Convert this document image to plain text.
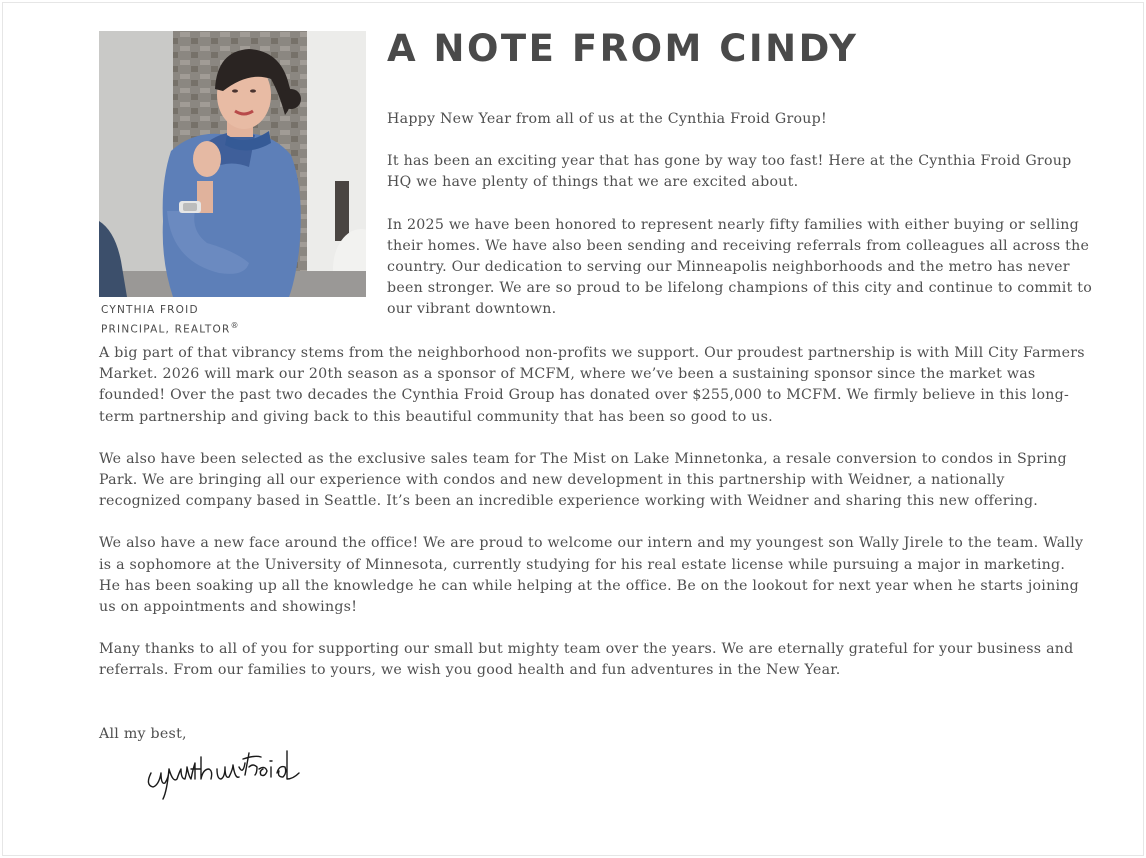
CYNTHIA FROID
PRINCIPAL, REALTOR®
A NOTE FROM CINDY

Happy New Year from all of us at the Cynthia Froid Group!

It has been an exciting year that has gone by way too fast! Here at the Cynthia Froid Group HQ we have plenty of things that we are excited about.

In 2025 we have been honored to represent nearly fifty families with either buying or selling their homes. We have also been sending and receiving referrals from colleagues all across the country. Our dedication to serving our Minneapolis neighborhoods and the metro has never been stronger. We are so proud to be lifelong champions of this city and continue to commit to our vibrant downtown.

A big part of that vibrancy stems from the neighborhood non-profits we support. Our proudest partnership is with Mill City Farmers Market. 2026 will mark our 20th season as a sponsor of MCFM, where we’ve been a sustaining sponsor since the market was founded! Over the past two decades the Cynthia Froid Group has donated over $255,000 to MCFM. We firmly believe in this long-term partnership and giving back to this beautiful community that has been so good to us.

We also have been selected as the exclusive sales team for The Mist on Lake Minnetonka, a resale conversion to condos in Spring Park. We are bringing all our experience with condos and new development in this partnership with Weidner, a nationally recognized company based in Seattle. It’s been an incredible experience working with Weidner and sharing this new offering.

We also have a new face around the office! We are proud to welcome our intern and my youngest son Wally Jirele to the team. Wally is a sophomore at the University of Minnesota, currently studying for his real estate license while pursuing a major in marketing. He has been soaking up all the knowledge he can while helping at the office. Be on the lookout for next year when he starts joining us on appointments and showings!

Many thanks to all of you for supporting our small but mighty team over the years. We are eternally grateful for your business and referrals. From our families to yours, we wish you good health and fun adventures in the New Year.

All my best,
